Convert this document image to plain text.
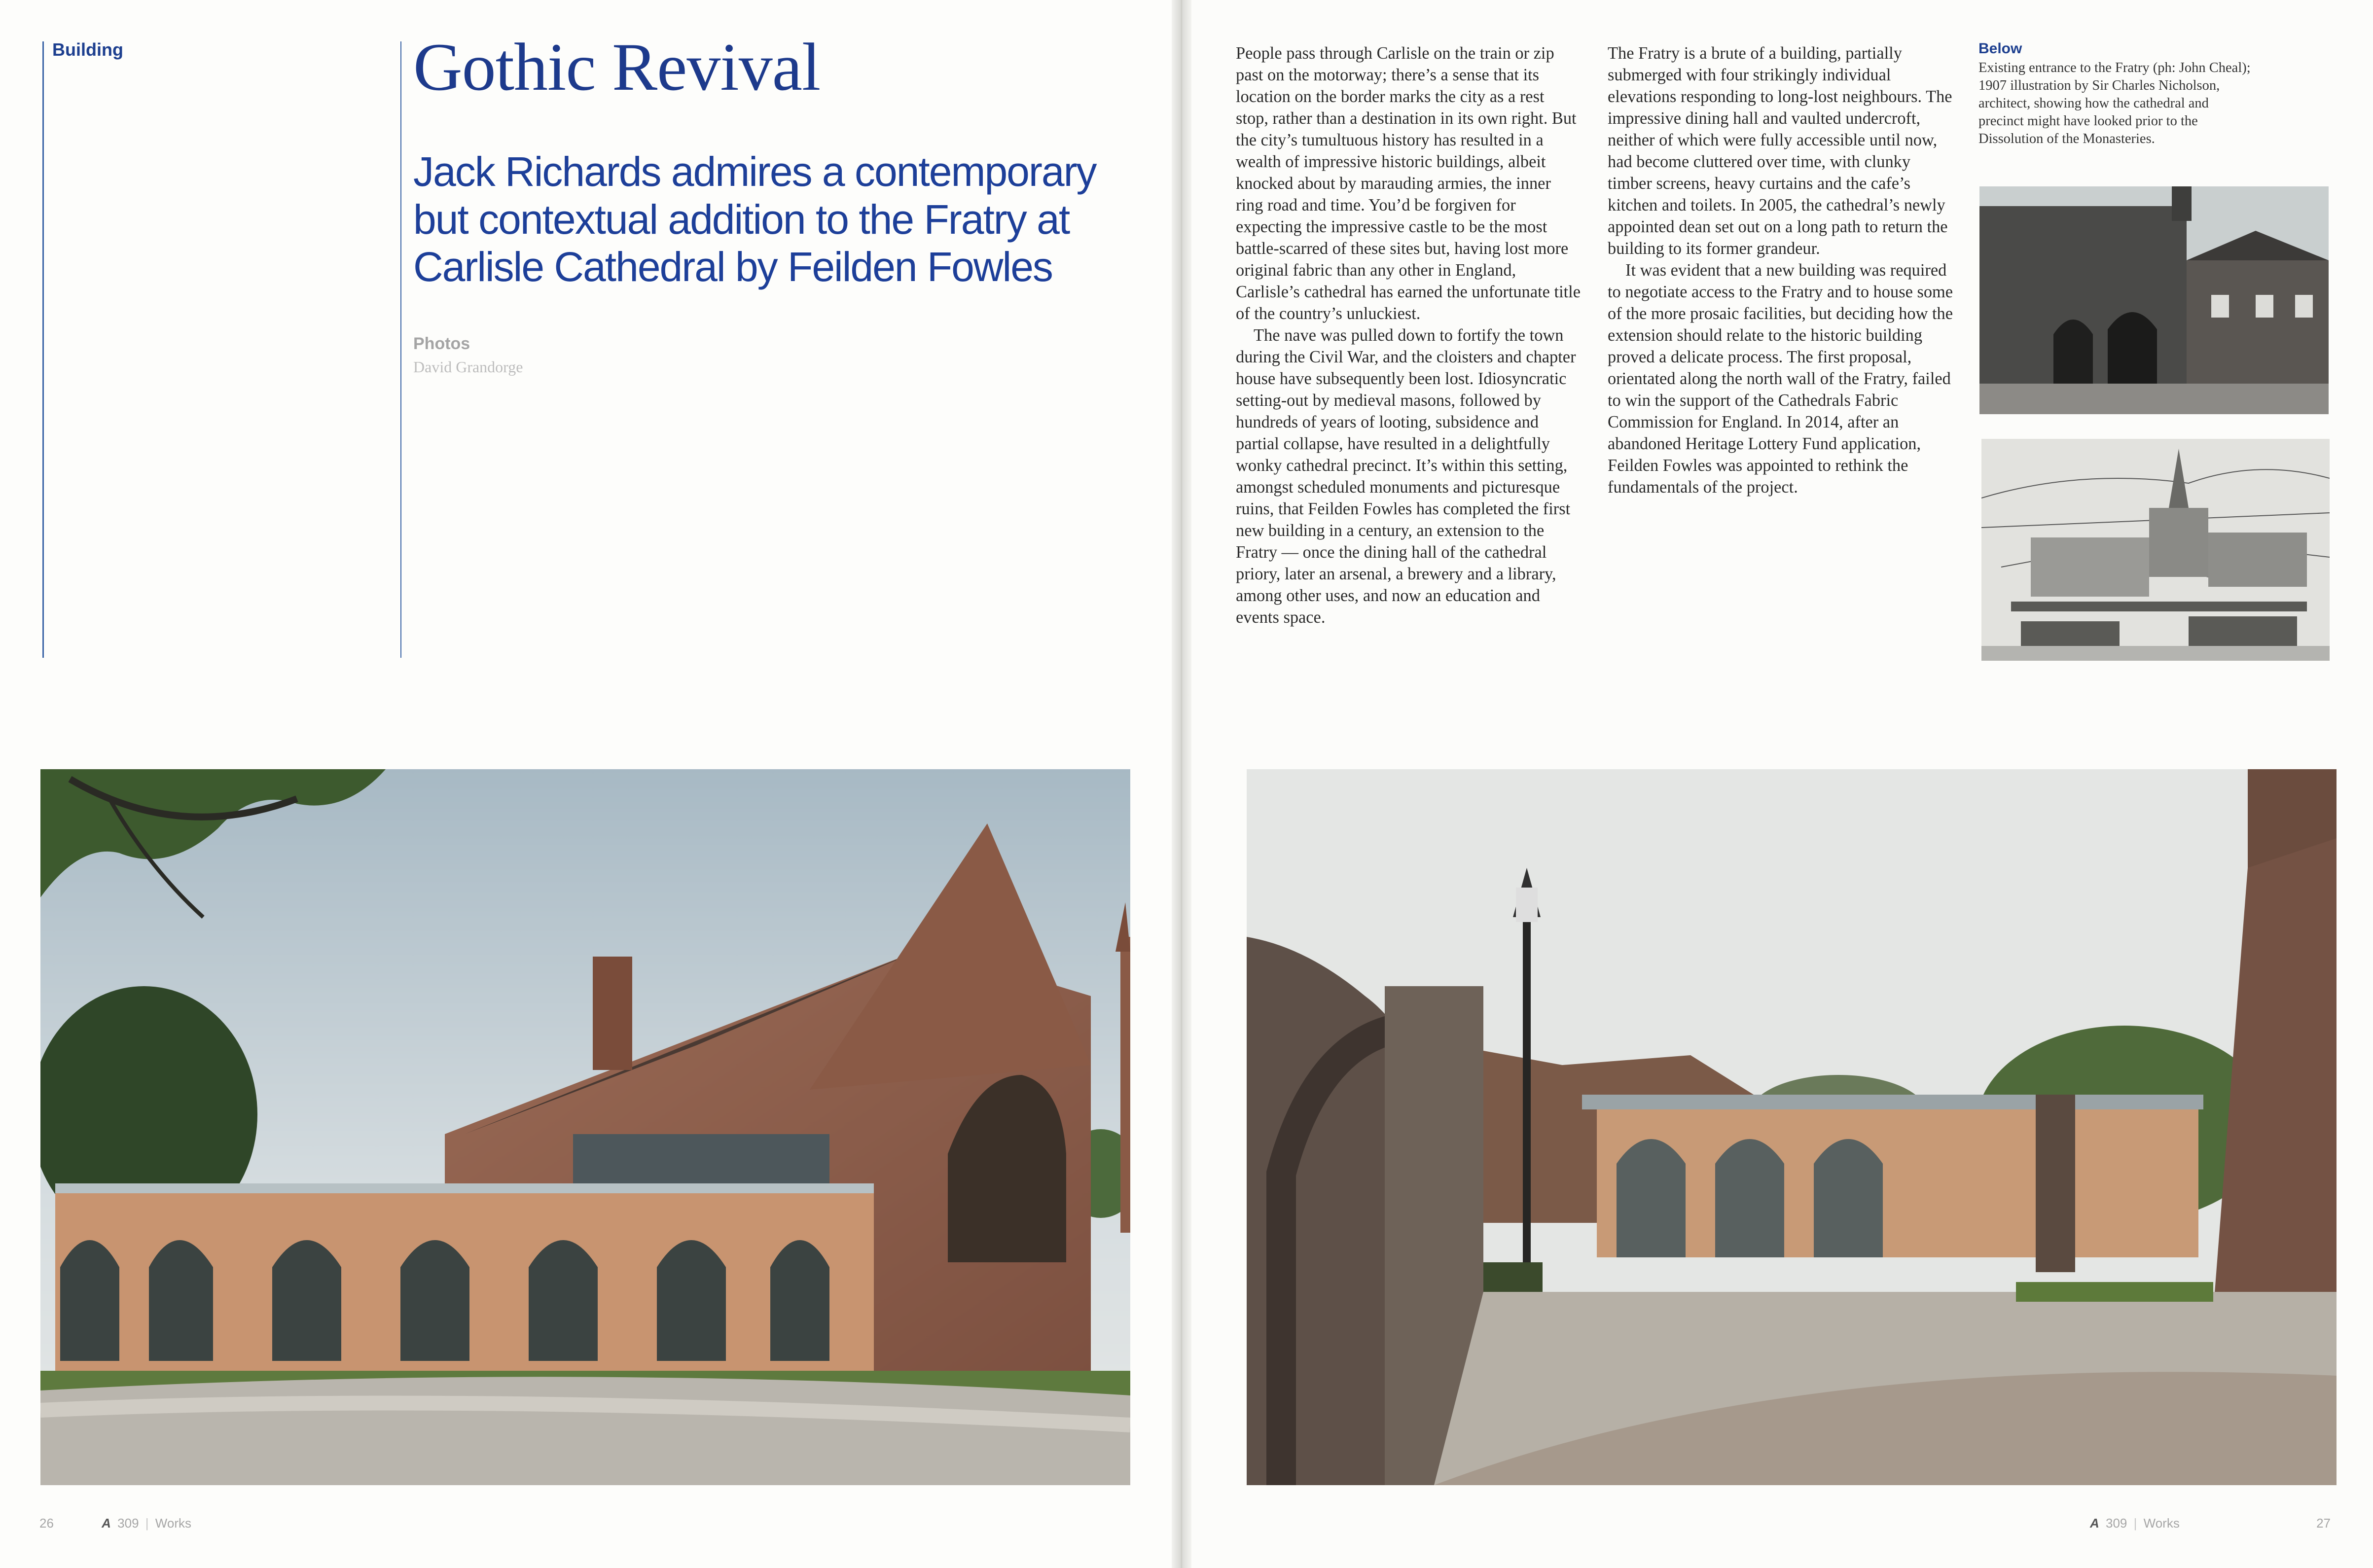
Building	Gothic Revival
Jack Richards admires a contemporary but contextual addition to the Fratry at Carlisle Cathedral by Feilden Fowles
Photos
David Grandorge
26	A 309 | Works

People pass through Carlisle on the train or zip past on the motorway; there’s a sense that its location on the border marks the city as a rest stop, rather than a destination in its own right. But the city’s tumultuous history has resulted in a wealth of impressive historic buildings, albeit knocked about by marauding armies, the inner ring road and time. You’d be forgiven for expecting the impressive castle to be the most battle-scarred of these sites but, having lost more original fabric than any other in England, Carlisle’s cathedral has earned the unfortunate title of the country’s unluckiest.

The nave was pulled down to fortify the town during the Civil War, and the cloisters and chapter house have subsequently been lost. Idiosyncratic setting-out by medieval masons, followed by hundreds of years of looting, subsidence and partial collapse, have resulted in a delightfully wonky cathedral precinct. It’s within this setting, amongst scheduled monuments and picturesque ruins, that Feilden Fowles has completed the first new building in a century, an extension to the Fratry — once the dining hall of the cathedral priory, later an arsenal, a brewery and a library, among other uses, and now an education and events space.

The Fratry is a brute of a building, partially submerged with four strikingly individual elevations responding to long-lost neighbours. The impressive dining hall and vaulted undercroft, neither of which were fully accessible until now, had become cluttered over time, with clunky timber screens, heavy curtains and the cafe’s kitchen and toilets. In 2005, the cathedral’s newly appointed dean set out on a long path to return the building to its former grandeur.

It was evident that a new building was required to negotiate access to the Fratry and to house some of the more prosaic facilities, but deciding how the extension should relate to the historic building proved a delicate process. The first proposal, orientated along the north wall of the Fratry, failed to win the support of the Cathedrals Fabric Commission for England. In 2014, after an abandoned Heritage Lottery Fund application, Feilden Fowles was appointed to rethink the fundamentals of the project.

Below
Existing entrance to the Fratry (ph: John Cheal); 1907 illustration by Sir Charles Nicholson, architect, showing how the cathedral and precinct might have looked prior to the Dissolution of the Monasteries.
A 309 | Works	27
